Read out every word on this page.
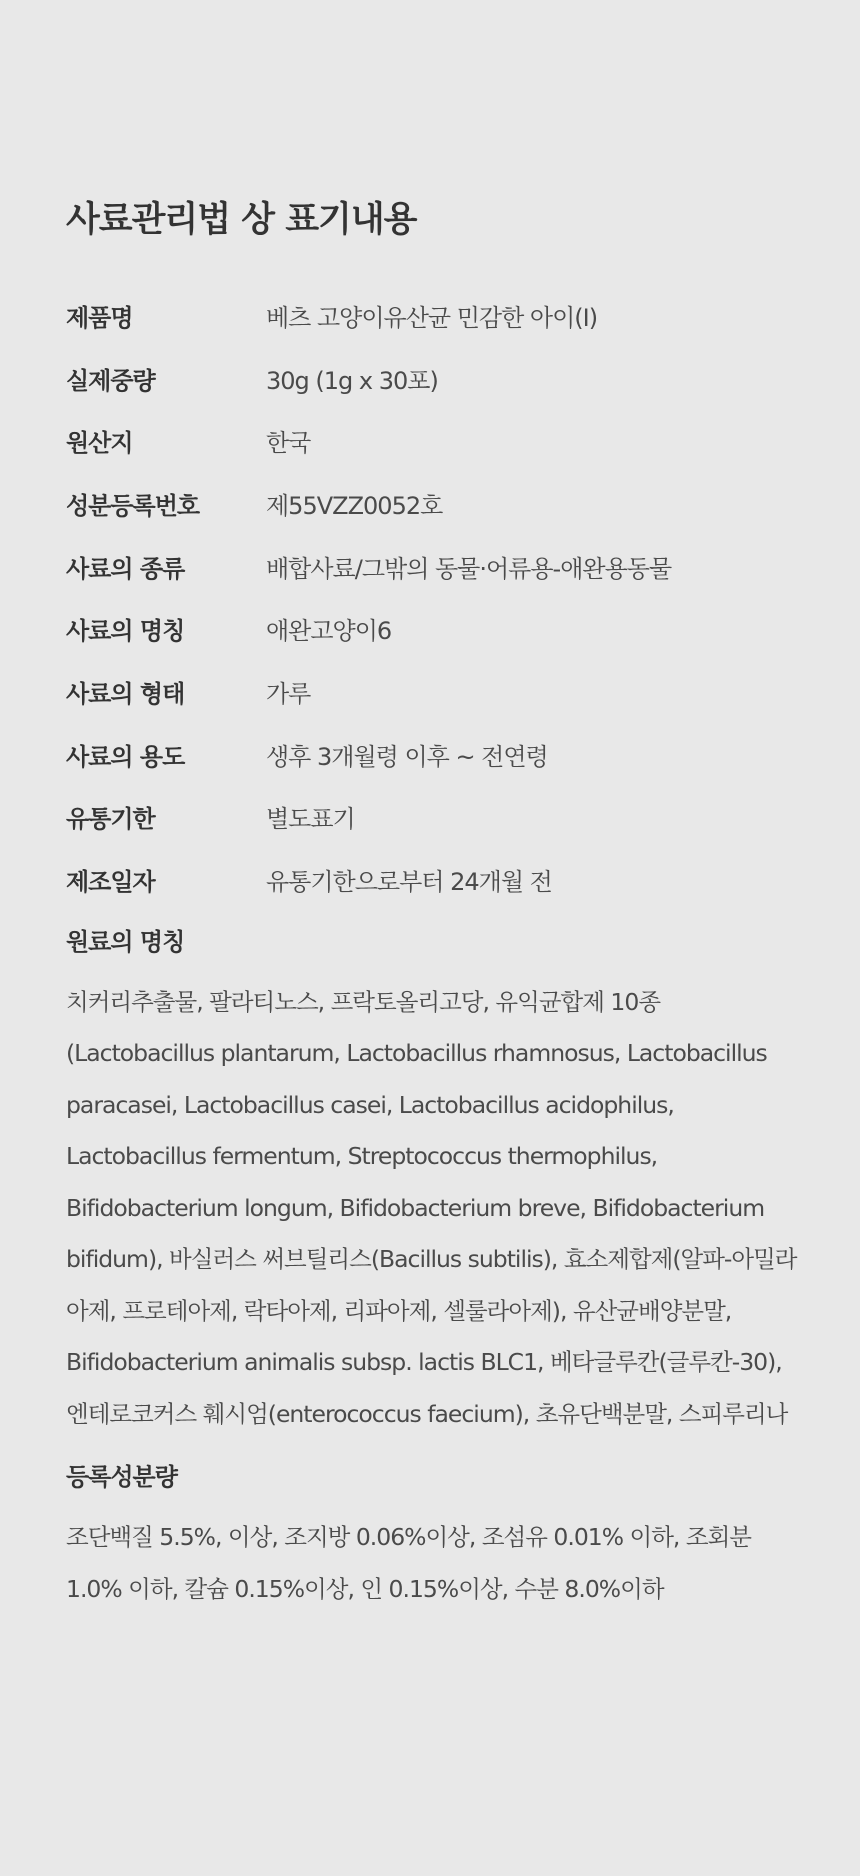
사료관리법 상 표기내용
제품명	베츠 고양이유산균 민감한 아이(I)
실제중량	30g (1g x 30포)
원산지	한국
성분등록번호	제55VZZ0052호
사료의 종류	배합사료/그밖의 동물·어류용-애완용동물
사료의 명칭	애완고양이6
사료의 형태	가루
사료의 용도	생후 3개월령 이후 ~ 전연령
유통기한	별도표기
제조일자	유통기한으로부터 24개월 전
원료의 명칭

치커리추출물, 팔라티노스, 프락토올리고당, 유익균합제 10종 (Lactobacillus plantarum, Lactobacillus rhamnosus, Lactobacillus paracasei, Lactobacillus casei, Lactobacillus acidophilus, Lactobacillus fermentum, Streptococcus thermophilus, Bifidobacterium longum, Bifidobacterium breve, Bifidobacterium bifidum), 바실러스 써브틸리스(Bacillus subtilis), 효소제합제(알파-아밀라아제, 프로테아제, 락타아제, 리파아제, 셀룰라아제), 유산균배양분말, Bifidobacterium animalis subsp. lactis BLC1, 베타글루칸(글루칸-30), 엔테로코커스 훼시엄(enterococcus faecium), 초유단백분말, 스피루리나

등록성분량

조단백질 5.5%, 이상, 조지방 0.06%이상, 조섬유 0.01% 이하, 조회분 1.0% 이하, 칼슘 0.15%이상, 인 0.15%이상, 수분 8.0%이하
